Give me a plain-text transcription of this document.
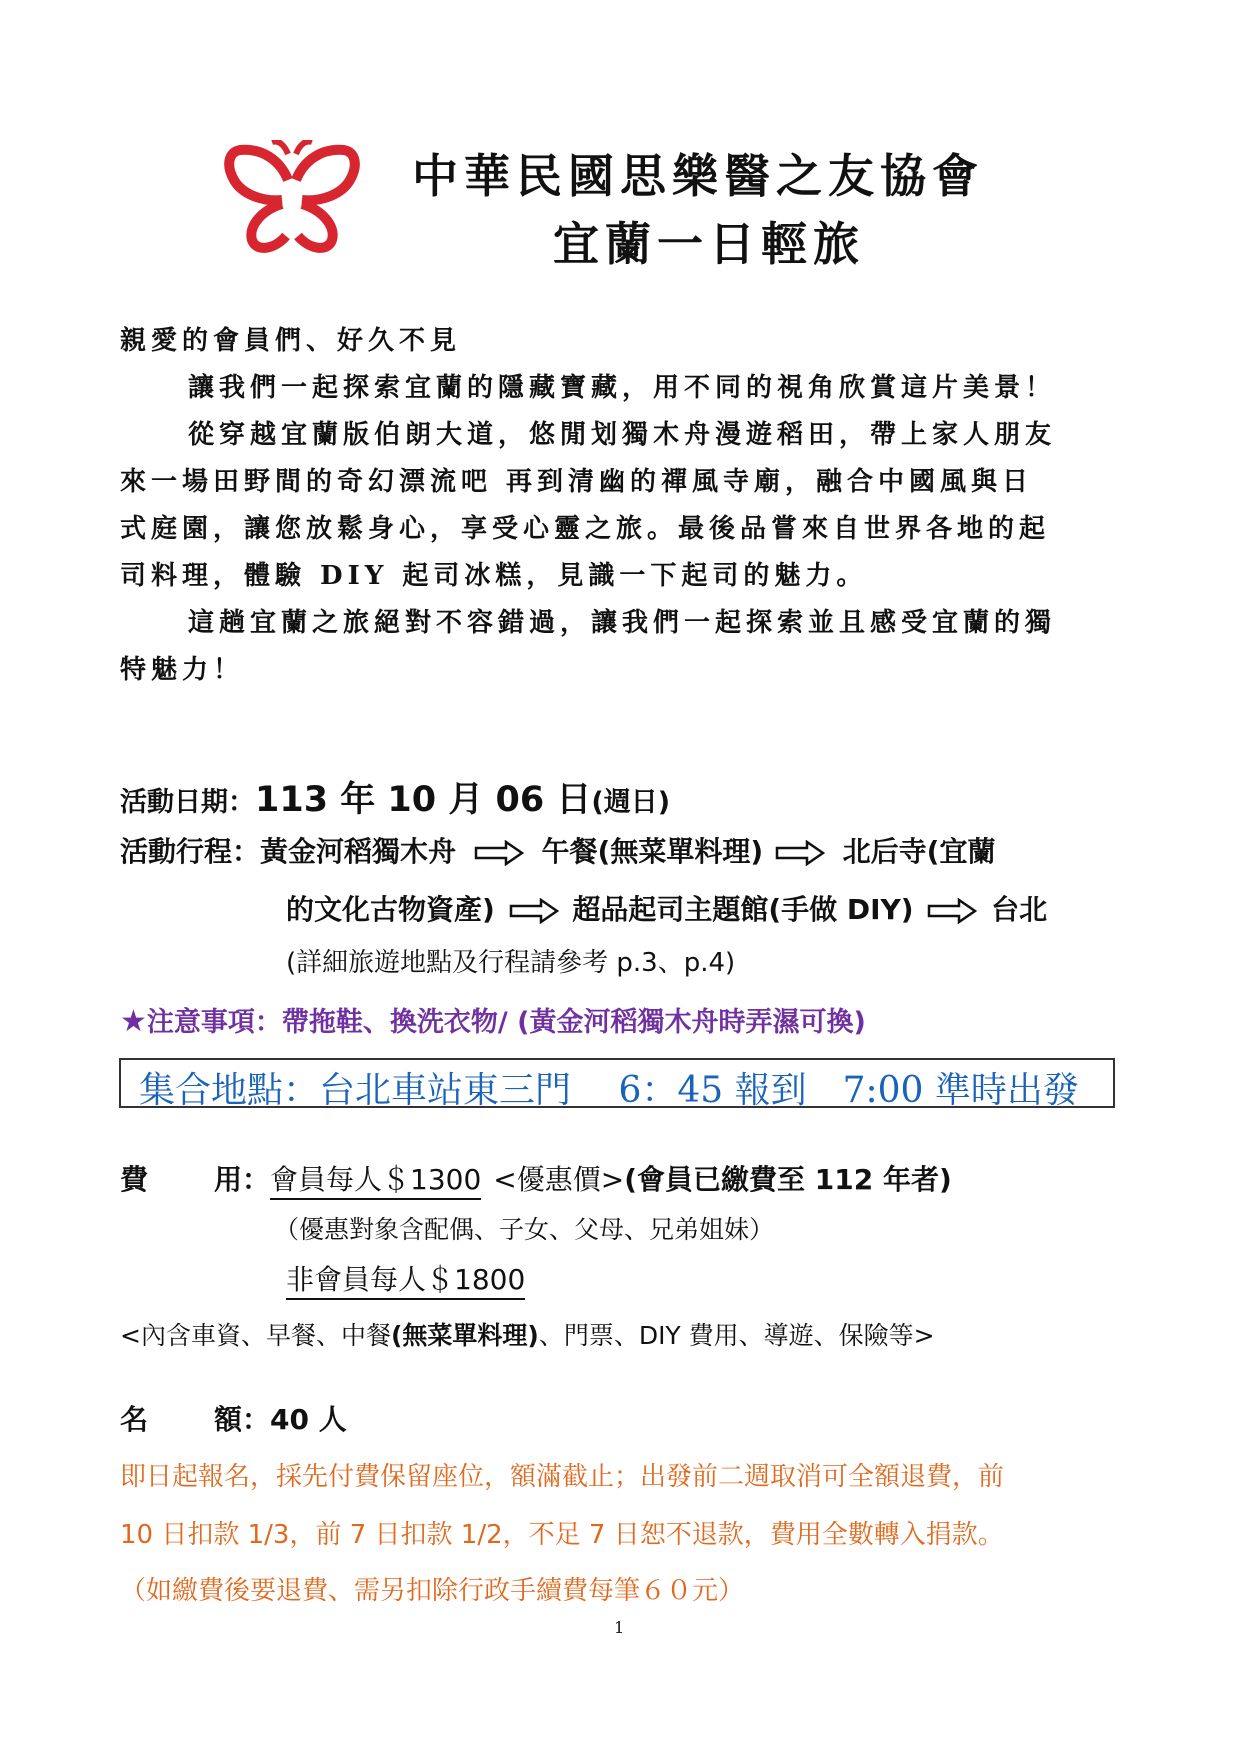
中華民國思樂醫之友協會
宜蘭一日輕旅
親愛的會員們、好久不見
讓我們一起探索宜蘭的隱藏寶藏，用不同的視角欣賞這片美景！
從穿越宜蘭版伯朗大道，悠閒划獨木舟漫遊稻田，帶上家人朋友
來一場田野間的奇幻漂流吧 再到清幽的禪風寺廟，融合中國風與日
式庭園，讓您放鬆身心，享受心靈之旅。最後品嘗來自世界各地的起
司料理，體驗 DIY 起司冰糕，見識一下起司的魅力。
這趟宜蘭之旅絕對不容錯過，讓我們一起探索並且感受宜蘭的獨
特魅力！
活動日期：113 年 10 月 06 日(週日)
活動行程：黃金河稻獨木舟	午餐(無菜單料理)	北后寺(宜蘭
的文化古物資產)	超品起司主題館(手做 DIY)	台北
(詳細旅遊地點及行程請參考 p.3、p.4)
★注意事項：帶拖鞋、換洗衣物/ (黃金河稻獨木舟時弄濕可換)
集合地點：台北車站東三門　 6：45 報到　7:00 準時出發
費 用：會員每人＄1300 <優惠價>(會員已繳費至 112 年者)
（優惠對象含配偶、子女、父母、兄弟姐妹）
非會員每人＄1800
<內含車資、早餐、中餐(無菜單料理)、門票、DIY 費用、導遊、保險等>
名 額：40 人
即日起報名，採先付費保留座位，額滿截止；出發前二週取消可全額退費，前
10 日扣款 1/3，前 7 日扣款 1/2，不足 7 日恕不退款，費用全數轉入捐款。
（如繳費後要退費、需另扣除行政手續費每筆６０元）
1
